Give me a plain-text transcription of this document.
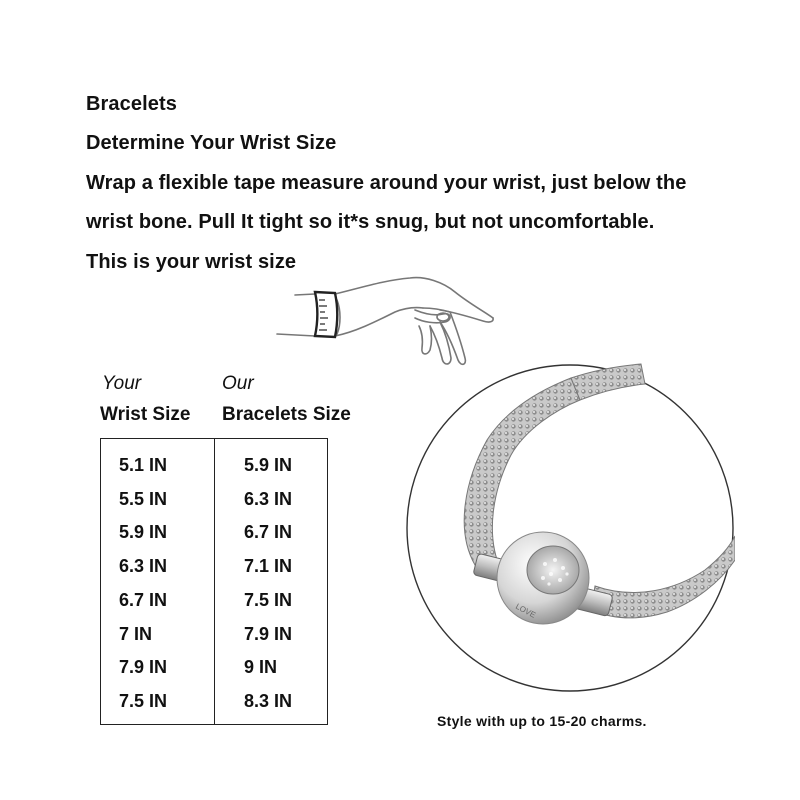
Bracelets
Determine Your Wrist Size
Wrap a flexible tape measure around your wrist, just below the
wrist bone. Pull It tight so it*s snug, but not uncomfortable.
This is your wrist size
Your
Wrist Size
Our
Bracelets Size
5.1 IN	5.9 IN
5.5 IN	6.3 IN
5.9 IN	6.7 IN
6.3 IN	7.1 IN
6.7 IN	7.5 IN
7 IN	7.9 IN
7.9 IN	9 IN
7.5 IN	8.3 IN
LOVE
Style with up to 15-20 charms.
